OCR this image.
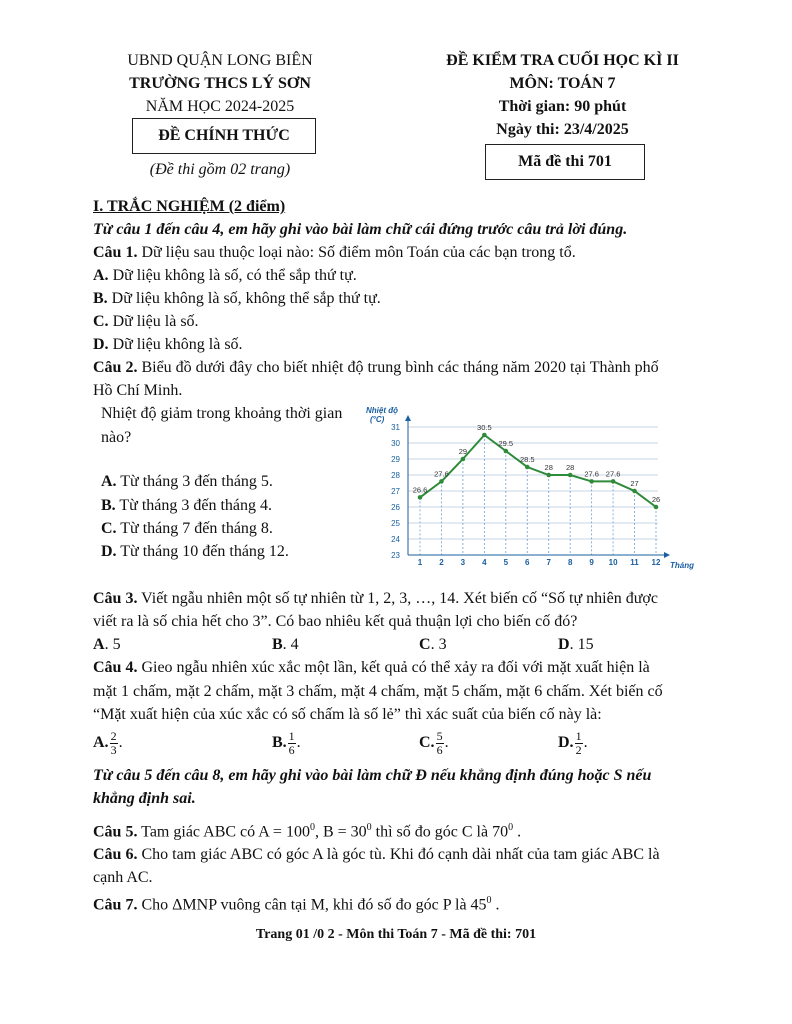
UBND QUẬN LONG BIÊN
TRƯỜNG THCS LÝ SƠN
NĂM HỌC 2024-2025
ĐỀ CHÍNH THỨC
(Đề thi gồm 02 trang)
ĐỀ KIỂM TRA CUỐI HỌC KÌ II
MÔN: TOÁN 7
Thời gian: 90 phút
Ngày thi: 23/4/2025
Mã đề thi 701
I. TRẮC NGHIỆM (2 điểm)
Từ câu 1 đến câu 4, em hãy ghi vào bài làm chữ cái đứng trước câu trả lời đúng.
Câu 1. Dữ liệu sau thuộc loại nào: Số điểm môn Toán của các bạn trong tổ.
A. Dữ liệu không là số, có thể sắp thứ tự.
B. Dữ liệu không là số, không thể sắp thứ tự.
C. Dữ liệu là số.
D. Dữ liệu không là số.
Câu 2. Biểu đồ dưới đây cho biết nhiệt độ trung bình các tháng năm 2020 tại Thành phố
Hồ Chí Minh.
Nhiệt độ giảm trong khoảng thời gian
nào?
A. Từ tháng 3 đến tháng 5.
B. Từ tháng 3 đến tháng 4.
C. Từ tháng 7 đến tháng 8.
D. Từ tháng 10 đến tháng 12.	23
24
25
26
27
28
29
30
31
1 2 3 4 5 6 7 8 9 10 11 12
26.6
27.6
29
30.5
29.5
28.5
28 28
27.6 27.6
27
26
Nhiệt độ
(°C)
Tháng
Câu 3. Viết ngẫu nhiên một số tự nhiên từ 1, 2, 3, …, 14. Xét biến cố “Số tự nhiên được
viết ra là số chia hết cho 3”. Có bao nhiêu kết quả thuận lợi cho biến cố đó?
A. 5	B. 4	C. 3	D. 15
Câu 4. Gieo ngẫu nhiên xúc xắc một lần, kết quả có thể xảy ra đối với mặt xuất hiện là
mặt 1 chấm, mặt 2 chấm, mặt 3 chấm, mặt 4 chấm, mặt 5 chấm, mặt 6 chấm. Xét biến cố
“Mặt xuất hiện của xúc xắc có số chấm là số lẻ” thì xác suất của biến cố này là:
A. $\frac{2}{3}$ .	B. $\frac{1}{6}$ .	C. $\frac{5}{6}$ .	D. $\frac{1}{2}$ .
Từ câu 5 đến câu 8, em hãy ghi vào bài làm chữ Đ nếu khẳng định đúng hoặc S nếu
khẳng định sai.
Câu 5. Tam giác ABC có $A = 100^0$, $B = 30^0$ thì số đo góc C là $70^0$ .
Câu 6. Cho tam giác ABC có góc A là góc tù. Khi đó cạnh dài nhất của tam giác ABC là
cạnh AC.
Câu 7. Cho ΔMNP vuông cân tại M, khi đó số đo góc P là $45^0$ .
Trang 01 /0 2 - Môn thi Toán 7 - Mã đề thi: 701
